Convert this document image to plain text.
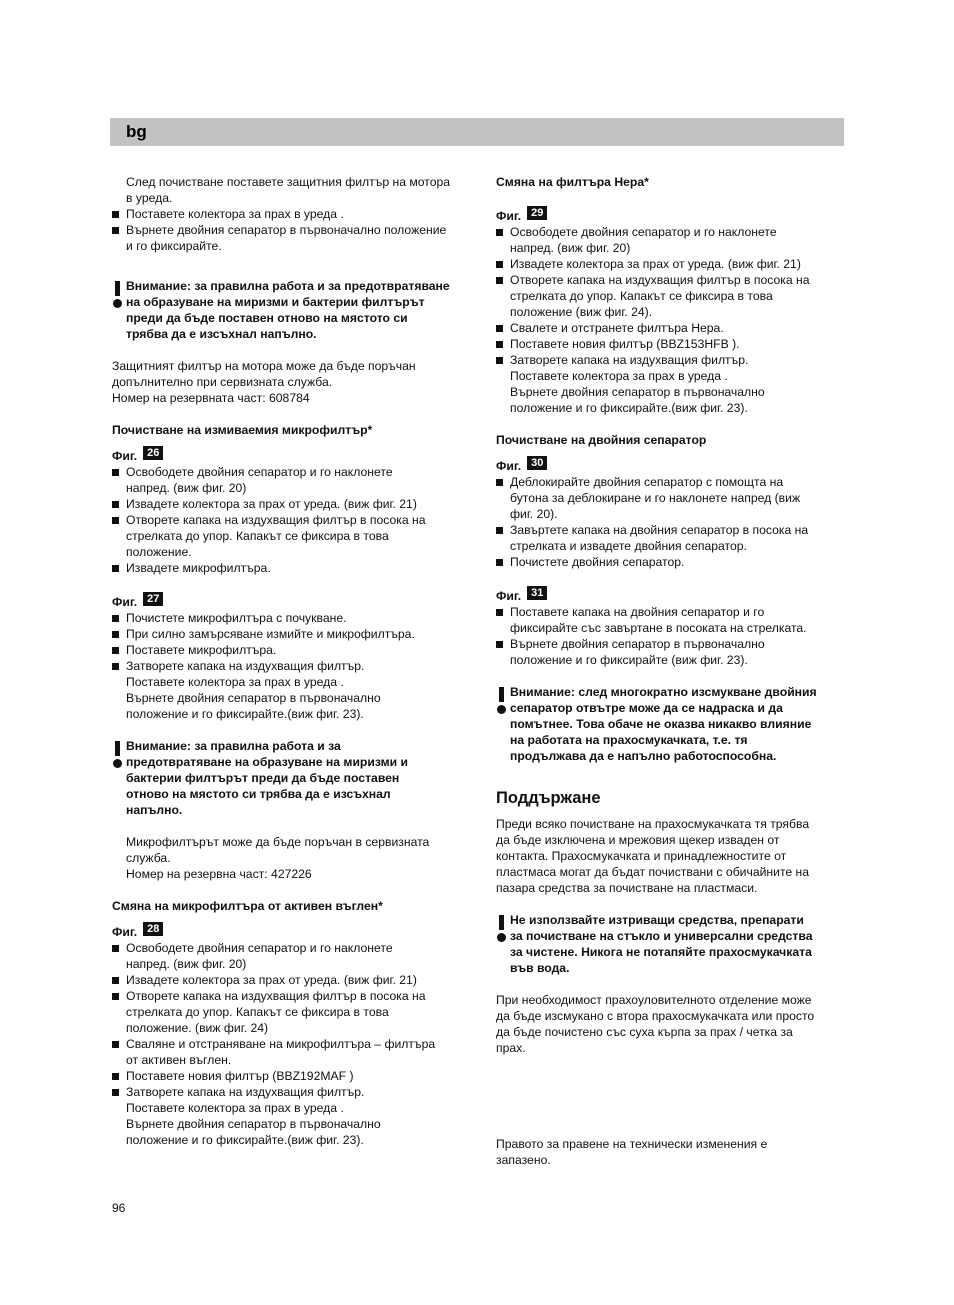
bg
След почистване поставете защитния филтър на мотора
в уреда.
Поставете колектора за прах в уреда .
Върнете двойния сепаратор в първоначално положение
и го фиксирайте.
Внимание: за правилна работа и за предотвратяване
на образуване на миризми и бактерии филтърът
преди да бъде поставен отново на мястото си
трябва да е изсъхнал напълно.
Защитният филтър на мотора може да бъде поръчан
допълнително при сервизната служба.
Номер на резервната част: 608784

Почистване на измиваемия микрофилтър*

Фиг. 26

Освободете двойния сепаратор и го наклонете
напред. (виж фиг. 20)
Извадете колектора за прах от уреда. (виж фиг. 21)
Отворете капака на издухващия филтър в посока на
стрелката до упор. Капакът се фиксира в това
положение.
Извадете микрофилтъра.

Фиг. 27

Почистете микрофилтъра с почукване.
При силно замърсяване измийте и микрофилтъра.
Поставете микрофилтъра.
Затворете капака на издухващия филтър.
Поставете колектора за прах в уреда .
Върнете двойния сепаратор в първоначално
положение и го фиксирайте.(виж фиг. 23).
Внимание: за правилна работа и за
предотвратяване на образуване на миризми и
бактерии филтърът преди да бъде поставен
отново на мястото си трябва да е изсъхнал
напълно.
Микрофилтърът може да бъде поръчан в сервизната
служба.
Номер на резервна част: 427226

Смяна на микрофилтъра от активен въглен*

Фиг. 28

Освободете двойния сепаратор и го наклонете
напред. (виж фиг. 20)
Извадете колектора за прах от уреда. (виж фиг. 21)
Отворете капака на издухващия филтър в посока на
стрелката до упор. Капакът се фиксира в това
положение. (виж фиг. 24)
Сваляне и отстраняване на микрофилтъра – филтъра
от активен въглен.
Поставете новия филтър (BBZ192MAF )
Затворете капака на издухващия филтър.
Поставете колектора за прах в уреда .
Върнете двойния сепаратор в първоначално
положение и го фиксирайте.(виж фиг. 23).

Смяна на филтъра Нера*

Фиг. 29

Освободете двойния сепаратор и го наклонете
напред. (виж фиг. 20)
Извадете колектора за прах от уреда. (виж фиг. 21)
Отворете капака на издухващия филтър в посока на
стрелката до упор. Капакът се фиксира в това
положение (виж фиг. 24).
Свалете и отстранете филтъра Нера.
Поставете новия филтър (BBZ153HFB ).
Затворете капака на издухващия филтър.
Поставете колектора за прах в уреда .
Върнете двойния сепаратор в първоначално
положение и го фиксирайте.(виж фиг. 23).

Почистване на двойния сепаратор

Фиг. 30

Деблокирайте двойния сепаратор с помощта на
бутона за деблокиране и го наклонете напред (виж
фиг. 20).
Завъртете капака на двойния сепаратор в посока на
стрелката и извадете двойния сепаратор.
Почистете двойния сепаратор.

Фиг. 31

Поставете капака на двойния сепаратор и го
фиксирайте със завъртане в посоката на стрелката.
Върнете двойния сепаратор в първоначално
положение и го фиксирайте (виж фиг. 23).
Внимание: след многократно изсмукване двойния
сепаратор отвътре може да се надраска и да
помътнее. Това обаче не оказва никакво влияние
на работата на прахосмукачката, т.е. тя
продължава да е напълно работоспособна.

Поддържане

Преди всяко почистване на прахосмукачката тя трябва
да бъде изключена и мрежовия щекер изваден от
контакта. Прахосмукачката и принадлежностите от
пластмаса могат да бъдат почиствани с обичайните на
пазара средства за почистване на пластмаси.
Не използвайте изтриващи средства, препарати
за почистване на стъкло и универсални средства
за чистене. Никога не потапяйте прахосмукачката
във вода.
При необходимост прахоуловителното отделение може
да бъде изсмукано с втора прахосмукачката или просто
да бъде почистено със суха кърпа за прах / четка за
прах.
Правото за правене на технически изменения е
запазено.
96
